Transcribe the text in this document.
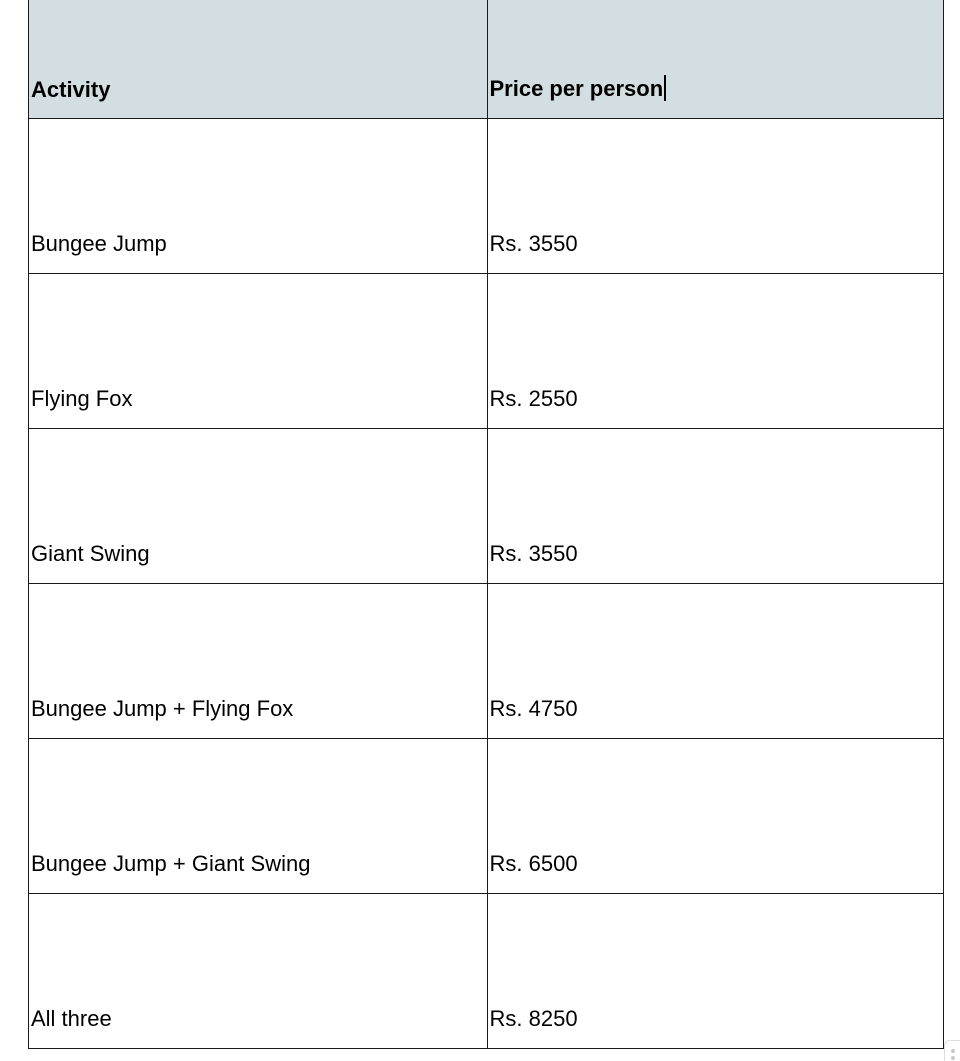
Activity	Price per person
Bungee Jump	Rs. 3550
Flying Fox	Rs. 2550
Giant Swing	Rs. 3550
Bungee Jump + Flying Fox	Rs. 4750
Bungee Jump + Giant Swing	Rs. 6500
All three	Rs. 8250
